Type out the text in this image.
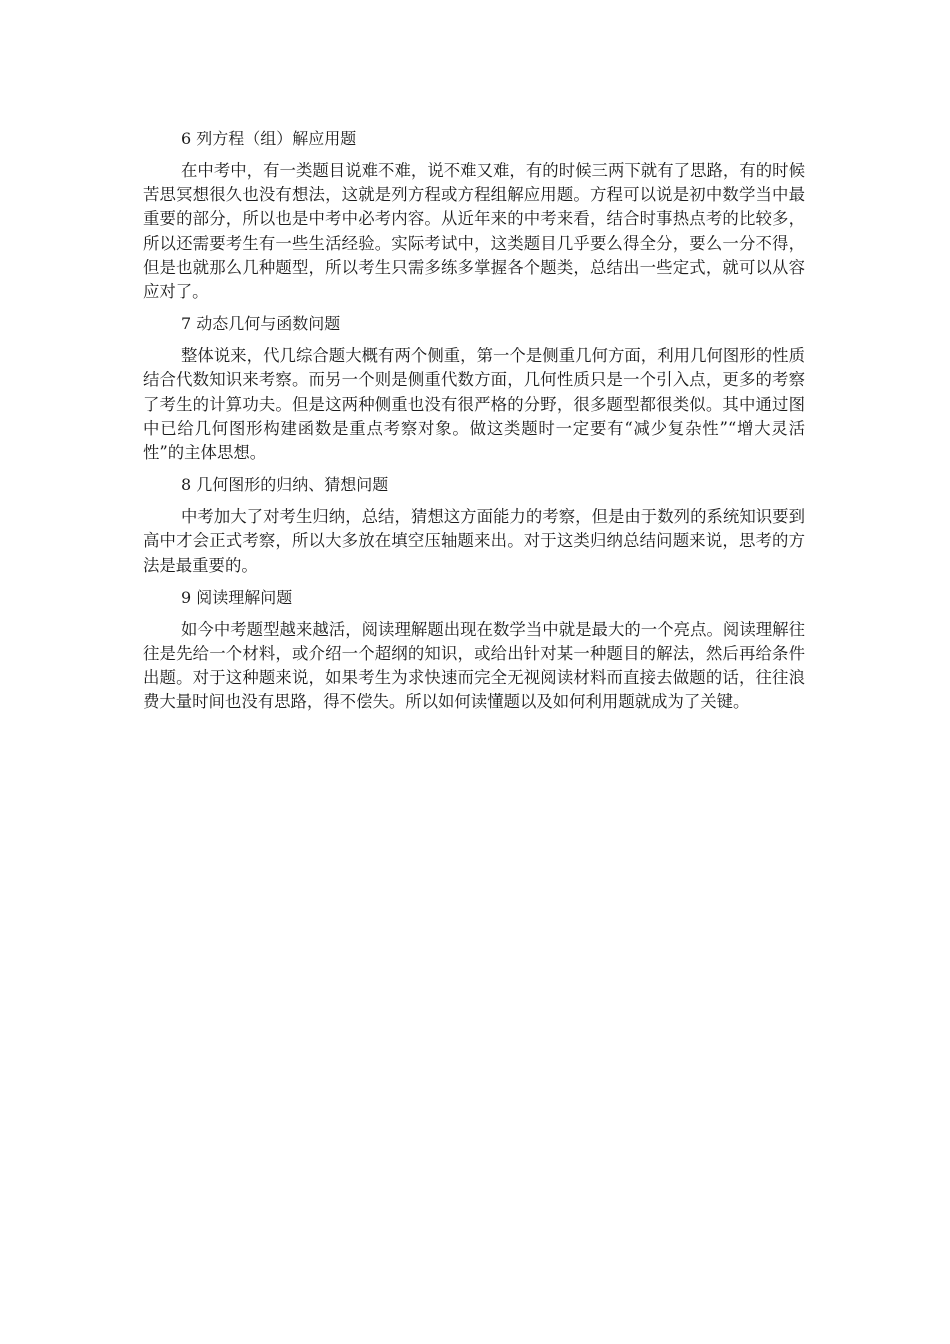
6 列方程（组）解应用题

在中考中，有一类题目说难不难，说不难又难，有的时候三两下就有了思路，有的时候苦思冥想很久也没有想法，这就是列方程或方程组解应用题。方程可以说是初中数学当中最重要的部分，所以也是中考中必考内容。从近年来的中考来看，结合时事热点考的比较多，所以还需要考生有一些生活经验。实际考试中，这类题目几乎要么得全分，要么一分不得，但是也就那么几种题型，所以考生只需多练多掌握各个题类，总结出一些定式，就可以从容应对了。

7 动态几何与函数问题

整体说来，代几综合题大概有两个侧重，第一个是侧重几何方面，利用几何图形的性质结合代数知识来考察。而另一个则是侧重代数方面，几何性质只是一个引入点，更多的考察了考生的计算功夫。但是这两种侧重也没有很严格的分野，很多题型都很类似。其中通过图中已给几何图形构建函数是重点考察对象。做这类题时一定要有“减少复杂性”“增大灵活性”的主体思想。

8 几何图形的归纳、猜想问题

中考加大了对考生归纳，总结，猜想这方面能力的考察，但是由于数列的系统知识要到高中才会正式考察，所以大多放在填空压轴题来出。对于这类归纳总结问题来说，思考的方法是最重要的。

9 阅读理解问题

如今中考题型越来越活，阅读理解题出现在数学当中就是最大的一个亮点。阅读理解往往是先给一个材料，或介绍一个超纲的知识，或给出针对某一种题目的解法，然后再给条件出题。对于这种题来说，如果考生为求快速而完全无视阅读材料而直接去做题的话，往往浪费大量时间也没有思路，得不偿失。所以如何读懂题以及如何利用题就成为了关键。
